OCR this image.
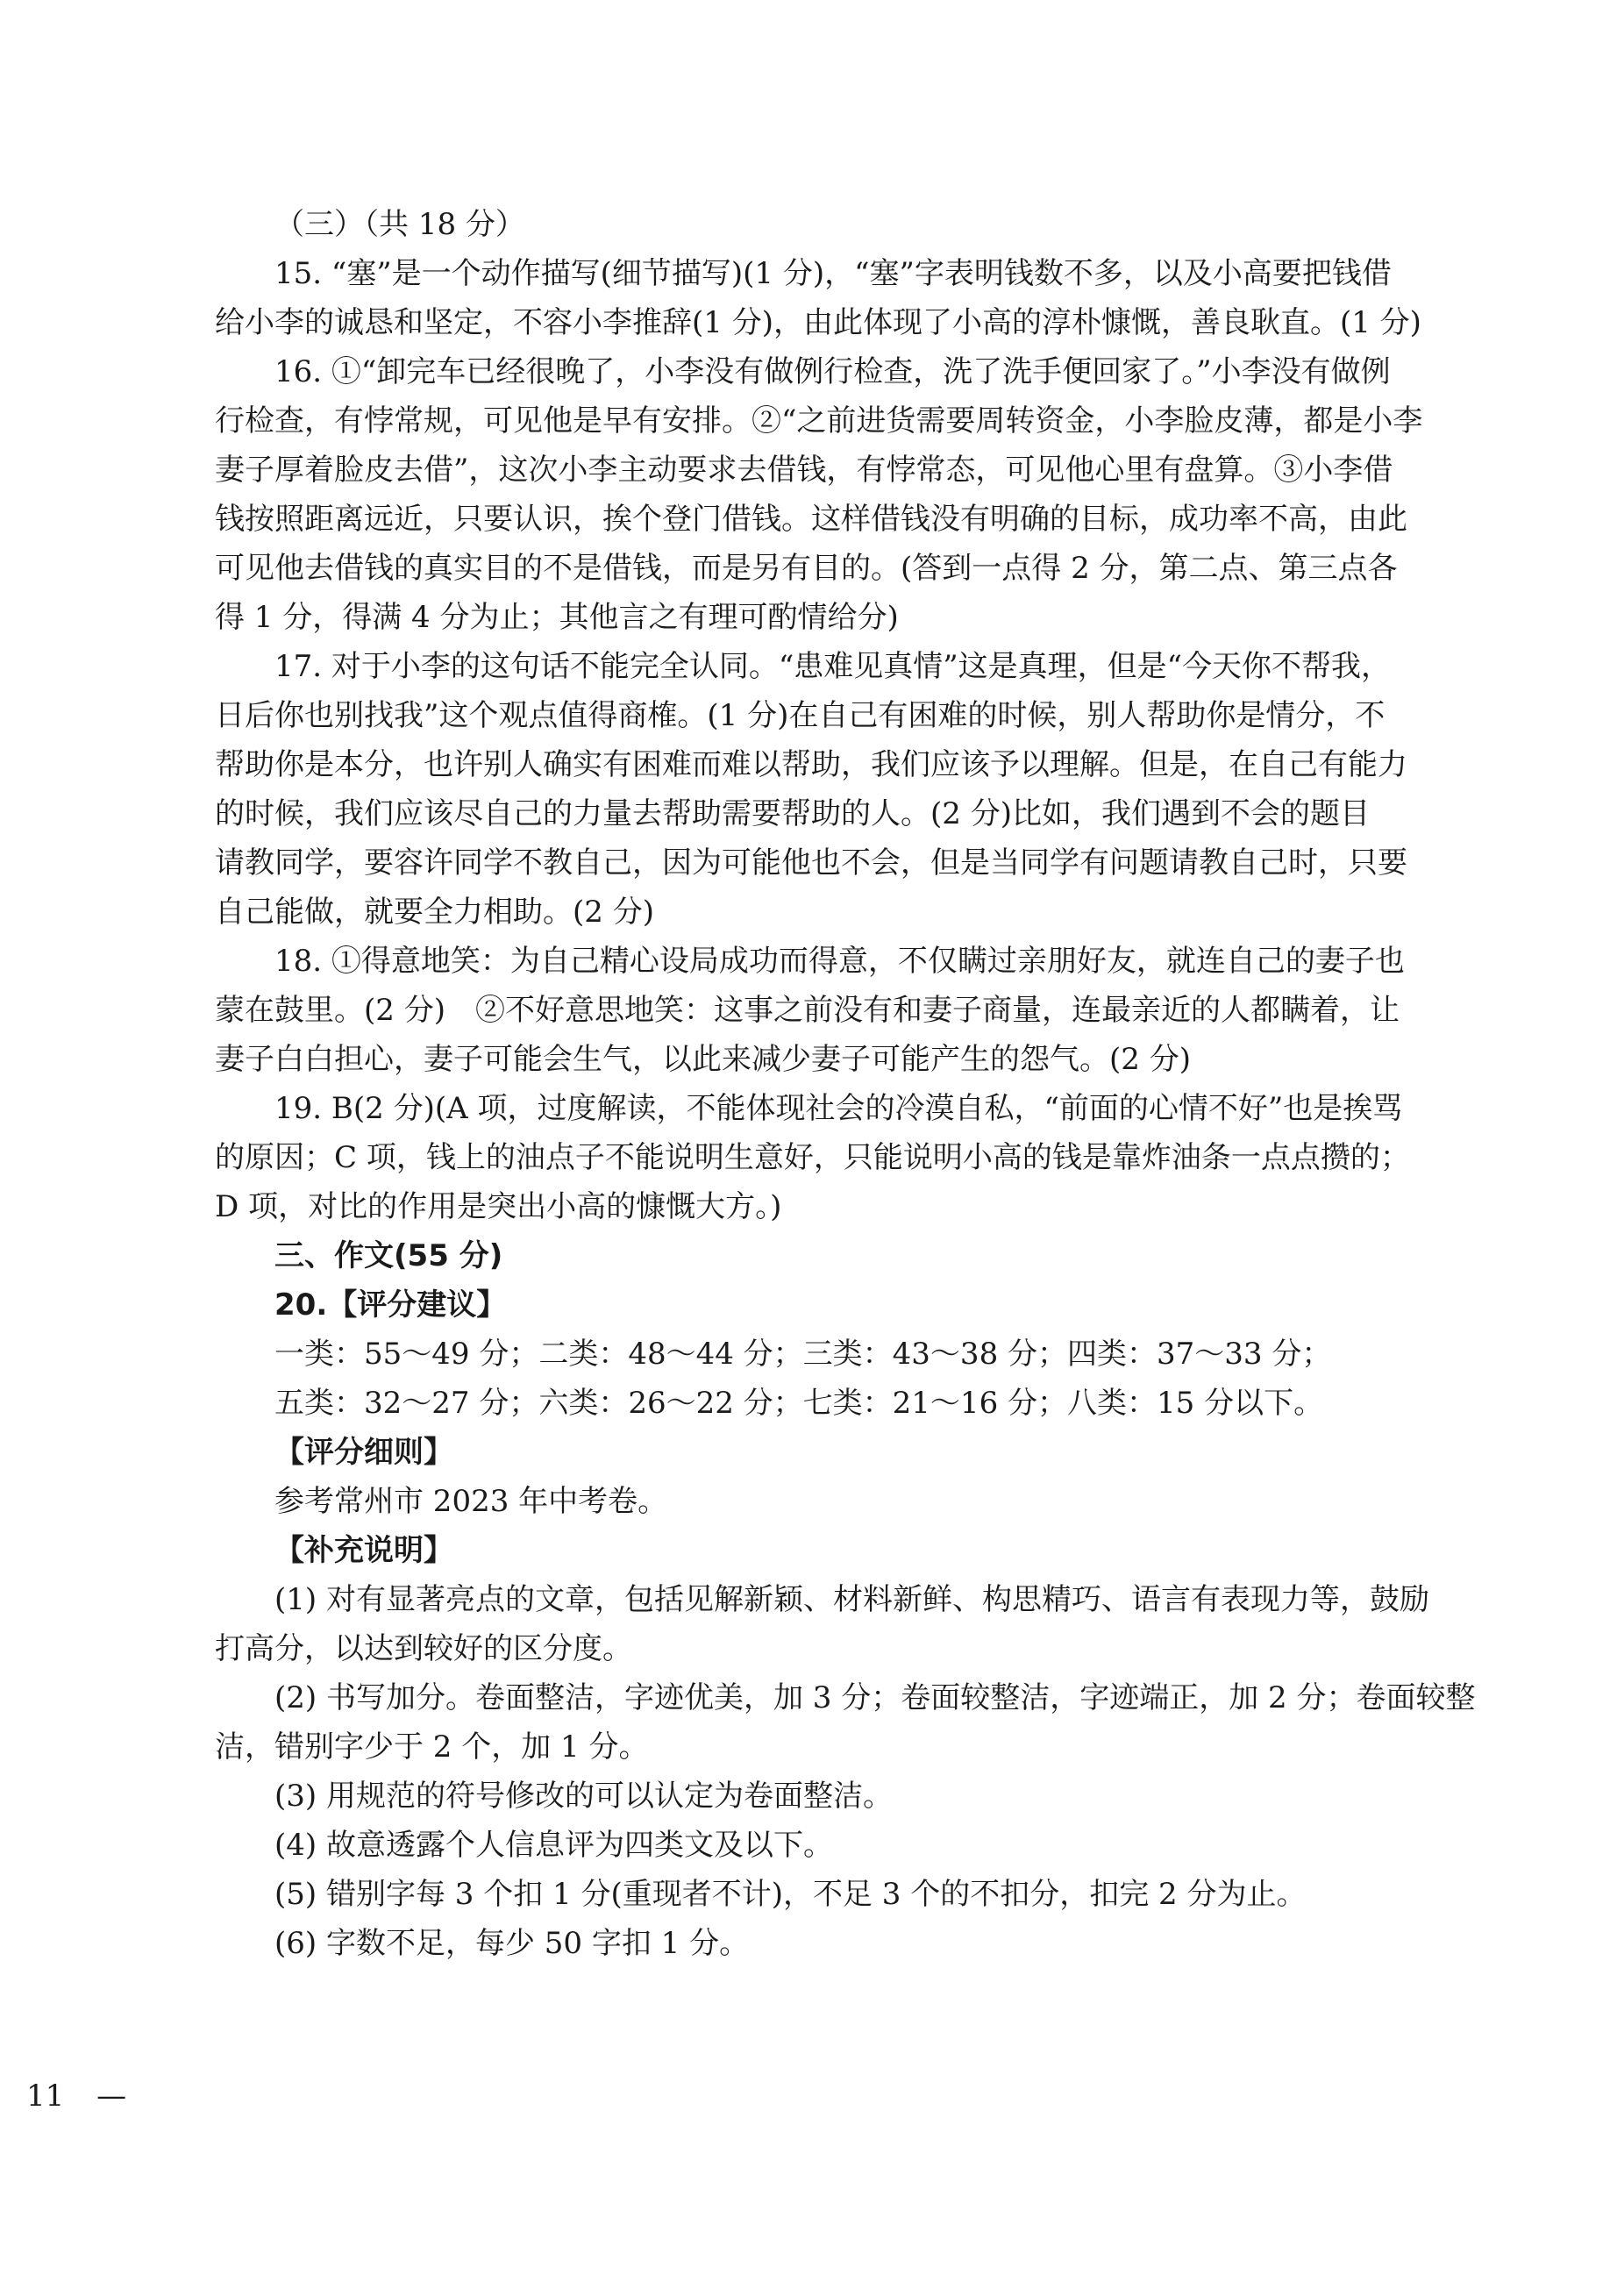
（三）（共 18 分）
15. “塞”是一个动作描写(细节描写)(1 分)，“塞”字表明钱数不多，以及小高要把钱借
给小李的诚恳和坚定，不容小李推辞(1 分)，由此体现了小高的淳朴慷慨，善良耿直。(1 分)
16. ①“卸完车已经很晚了，小李没有做例行检查，洗了洗手便回家了。”小李没有做例
行检查，有悖常规，可见他是早有安排。②“之前进货需要周转资金，小李脸皮薄，都是小李
妻子厚着脸皮去借”，这次小李主动要求去借钱，有悖常态，可见他心里有盘算。③小李借
钱按照距离远近，只要认识，挨个登门借钱。这样借钱没有明确的目标，成功率不高，由此
可见他去借钱的真实目的不是借钱，而是另有目的。(答到一点得 2 分，第二点、第三点各
得 1 分，得满 4 分为止；其他言之有理可酌情给分)
17. 对于小李的这句话不能完全认同。“患难见真情”这是真理，但是“今天你不帮我，
日后你也别找我”这个观点值得商榷。(1 分)在自己有困难的时候，别人帮助你是情分，不
帮助你是本分，也许别人确实有困难而难以帮助，我们应该予以理解。但是，在自己有能力
的时候，我们应该尽自己的力量去帮助需要帮助的人。(2 分)比如，我们遇到不会的题目
请教同学，要容许同学不教自己，因为可能他也不会，但是当同学有问题请教自己时，只要
自己能做，就要全力相助。(2 分)
18. ①得意地笑：为自己精心设局成功而得意，不仅瞒过亲朋好友，就连自己的妻子也
蒙在鼓里。(2 分)　②不好意思地笑：这事之前没有和妻子商量，连最亲近的人都瞒着，让
妻子白白担心，妻子可能会生气，以此来减少妻子可能产生的怨气。(2 分)
19. B(2 分)(A 项，过度解读，不能体现社会的冷漠自私，“前面的心情不好”也是挨骂
的原因；C 项，钱上的油点子不能说明生意好，只能说明小高的钱是靠炸油条一点点攒的；
D 项，对比的作用是突出小高的慷慨大方。)
三、作文(55 分)
20.【评分建议】
一类：55～49 分；二类：48～44 分；三类：43～38 分；四类：37～33 分；
五类：32～27 分；六类：26～22 分；七类：21～16 分；八类：15 分以下。
【评分细则】
参考常州市 2023 年中考卷。
【补充说明】
(1) 对有显著亮点的文章，包括见解新颖、材料新鲜、构思精巧、语言有表现力等，鼓励
打高分，以达到较好的区分度。
(2) 书写加分。卷面整洁，字迹优美，加 3 分；卷面较整洁，字迹端正，加 2 分；卷面较整
洁，错别字少于 2 个，加 1 分。
(3) 用规范的符号修改的可以认定为卷面整洁。
(4) 故意透露个人信息评为四类文及以下。
(5) 错别字每 3 个扣 1 分(重现者不计)，不足 3 个的不扣分，扣完 2 分为止。
(6) 字数不足，每少 50 字扣 1 分。
11 —
